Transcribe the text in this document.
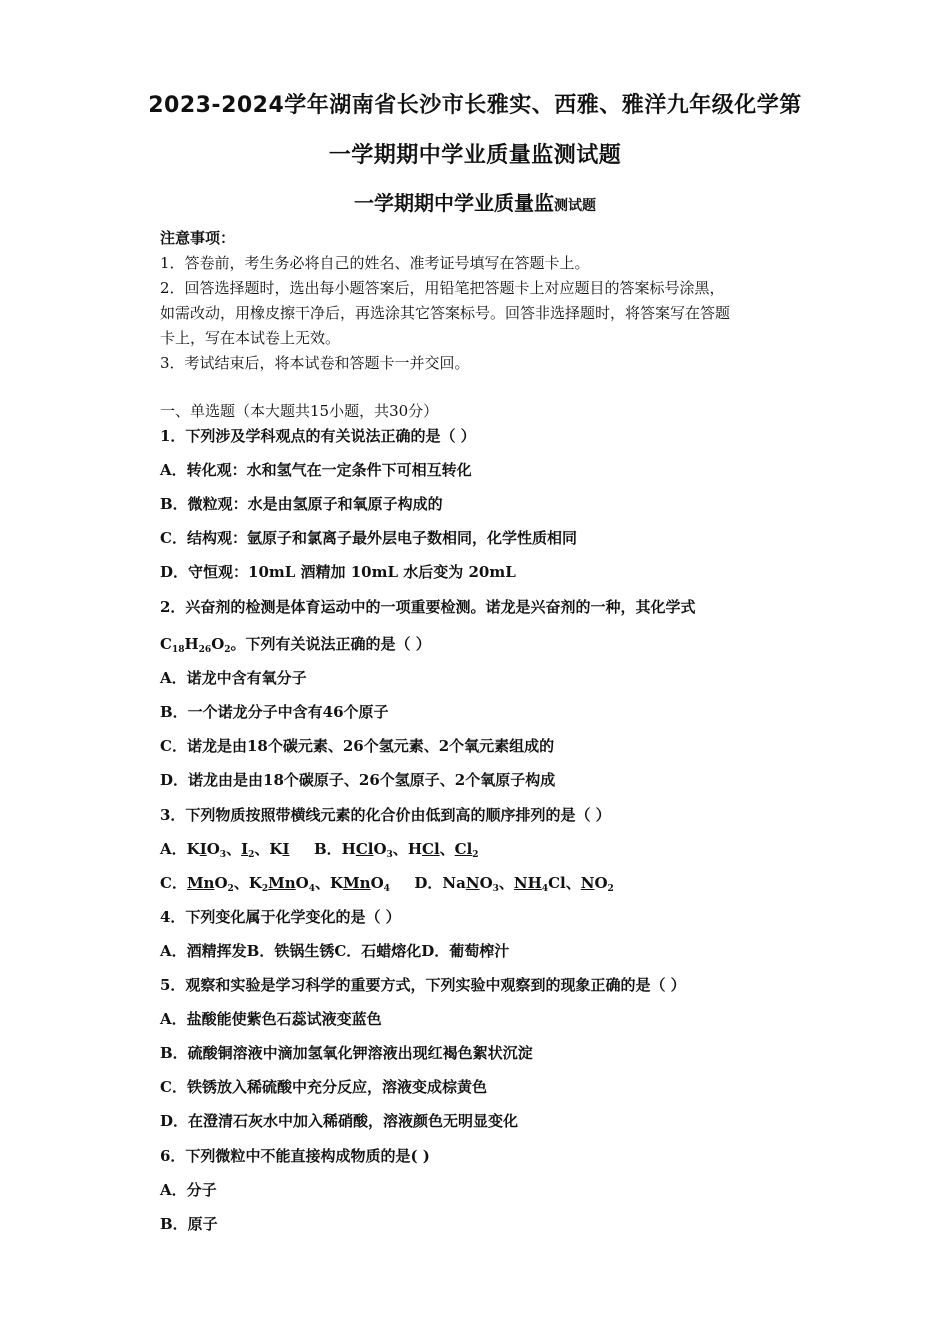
2023-2024学年湖南省长沙市长雅实、西雅、雅洋九年级化学第
一学期期中学业质量监测试题
一学期期中学业质量监测试题
注意事项：
1．答卷前，考生务必将自己的姓名、准考证号填写在答题卡上。
2．回答选择题时，选出每小题答案后，用铅笔把答题卡上对应题目的答案标号涂黑，
如需改动，用橡皮擦干净后，再选涂其它答案标号。回答非选择题时，将答案写在答题
卡上，写在本试卷上无效。
3．考试结束后，将本试卷和答题卡一并交回。
一、单选题（本大题共15小题，共30分）
1．下列涉及学科观点的有关说法正确的是（ ）
A．转化观：水和氢气在一定条件下可相互转化
B．微粒观：水是由氢原子和氧原子构成的
C．结构观：氩原子和氯离子最外层电子数相同，化学性质相同
D．守恒观：10mL 酒精加 10mL 水后变为 20mL
2．兴奋剂的检测是体育运动中的一项重要检测。诺龙是兴奋剂的一种，其化学式
$C_{18}H_{26}O_2$。下列有关说法正确的是（ ）
A．诺龙中含有氧分子
B．一个诺龙分子中含有46个原子
C．诺龙是由18个碳元素、26个氢元素、2个氧元素组成的
D．诺龙由是由18个碳原子、26个氢原子、2个氧原子构成
3．下列物质按照带横线元素的化合价由低到高的顺序排列的是（ ）
A．$KIO_3$、$I_2$、KI B．HClO$_3$、HCl、$Cl_2$
C．MnO$_2$、$K_2MnO_4$、KMnO$_4$ D．NaNO$_3$、$NH_4Cl$、$NO_2$
4．下列变化属于化学变化的是（ ）
A．酒精挥发B．铁锅生锈C．石蜡熔化D．葡萄榨汁
5．观察和实验是学习科学的重要方式，下列实验中观察到的现象正确的是（ ）
A．盐酸能使紫色石蕊试液变蓝色
B．硫酸铜溶液中滴加氢氧化钾溶液出现红褐色絮状沉淀
C．铁锈放入稀硫酸中充分反应，溶液变成棕黄色
D．在澄清石灰水中加入稀硝酸，溶液颜色无明显变化
6．下列微粒中不能直接构成物质的是( )
A．分子
B．原子
